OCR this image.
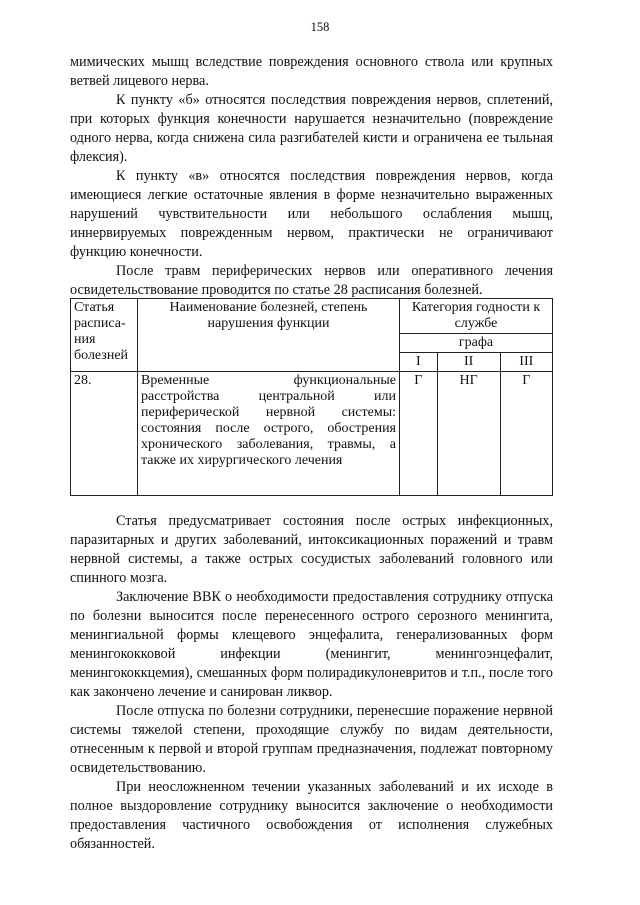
158

мимических мышц вследствие повреждения основного ствола или крупных ветвей лицевого нерва.

К пункту «б» относятся последствия повреждения нервов, сплетений, при которых функция конечности нарушается незначительно (повреждение одного нерва, когда снижена сила разгибателей кисти и ограничена ее тыльная флексия).

К пункту «в» относятся последствия повреждения нервов, когда имеющиеся легкие остаточные явления в форме незначительно выраженных нарушений чувствительности или небольшого ослабления мышц, иннервируемых поврежденным нервом, практически не ограничивают функцию конечности.

После травм периферических нервов или оперативного лечения освидетельствование проводится по статье 28 расписания болезней.

Статья расписа-ния болезней	Наименование болезней, степень нарушения функции	Категория годности к службе		
		графа		
		I	II	III
28.	Временные функциональные расстройства центральной или периферической нервной системы: состояния после острого, обострения хронического заболевания, травмы, а также их хирургического лечения	Г	НГ	Г

Статья предусматривает состояния после острых инфекционных, паразитарных и других заболеваний, интоксикационных поражений и травм нервной системы, а также острых сосудистых заболеваний головного или спинного мозга.

Заключение ВВК о необходимости предоставления сотруднику отпуска по болезни выносится после перенесенного острого серозного менингита, менингиальной формы клещевого энцефалита, генерализованных форм менингококковой инфекции (менингит, менингоэнцефалит, менингококкцемия), смешанных форм полирадикулоневритов и т.п., после того как закончено лечение и санирован ликвор.

После отпуска по болезни сотрудники, перенесшие поражение нервной системы тяжелой степени, проходящие службу по видам деятельности, отнесенным к первой и второй группам предназначения, подлежат повторному освидетельствованию.

При неосложненном течении указанных заболеваний и их исходе в полное выздоровление сотруднику выносится заключение о необходимости предоставления частичного освобождения от исполнения служебных обязанностей.
